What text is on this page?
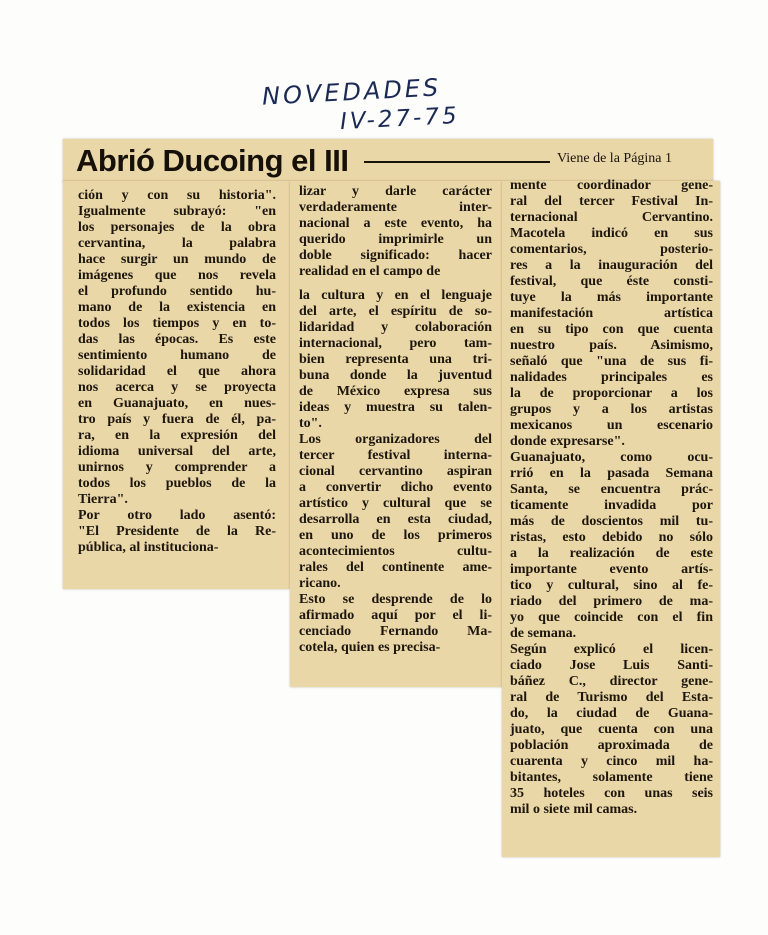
NOVEDADES
IV-27-75
Abrió Ducoing el III	Viene de la Página 1
ción y con su historia".
Igualmente subrayó: "en
los personajes de la obra
cervantina, la palabra
hace surgir un mundo de
imágenes que nos revela
el profundo sentido hu-
mano de la existencia en
todos los tiempos y en to-
das las épocas. Es este
sentimiento humano de
solidaridad el que ahora
nos acerca y se proyecta
en Guanajuato, en nues-
tro país y fuera de él, pa-
ra, en la expresión del
idioma universal del arte,
unirnos y comprender a
todos los pueblos de la
Tierra".
Por otro lado asentó:
"El Presidente de la Re-
pública, al instituciona-
lizar y darle carácter
verdaderamente inter-
nacional a este evento, ha
querido imprimirle un
doble significado: hacer
realidad en el campo de
la cultura y en el lenguaje
del arte, el espíritu de so-
lidaridad y colaboración
internacional, pero tam-
bien representa una tri-
buna donde la juventud
de México expresa sus
ideas y muestra su talen-
to".
Los organizadores del
tercer festival interna-
cional cervantino aspiran
a convertir dicho evento
artístico y cultural que se
desarrolla en esta ciudad,
en uno de los primeros
acontecimientos cultu-
rales del continente ame-
ricano.
Esto se desprende de lo
afirmado aquí por el li-
cenciado Fernando Ma-
cotela, quien es precisa-
mente coordinador gene-
ral del tercer Festival In-
ternacional Cervantino.
Macotela indicó en sus
comentarios, posterio-
res a la inauguración del
festival, que éste consti-
tuye la más importante
manifestación artística
en su tipo con que cuenta
nuestro país. Asimismo,
señaló que "una de sus fi-
nalidades principales es
la de proporcionar a los
grupos y a los artistas
mexicanos un escenario
donde expresarse".
Guanajuato, como ocu-
rrió en la pasada Semana
Santa, se encuentra prác-
ticamente invadida por
más de doscientos mil tu-
ristas, esto debido no sólo
a la realización de este
importante evento artís-
tico y cultural, sino al fe-
riado del primero de ma-
yo que coincide con el fin
de semana.
Según explicó el licen-
ciado Jose Luis Santi-
báñez C., director gene-
ral de Turismo del Esta-
do, la ciudad de Guana-
juato, que cuenta con una
población aproximada de
cuarenta y cinco mil ha-
bitantes, solamente tiene
35 hoteles con unas seis
mil o siete mil camas.
